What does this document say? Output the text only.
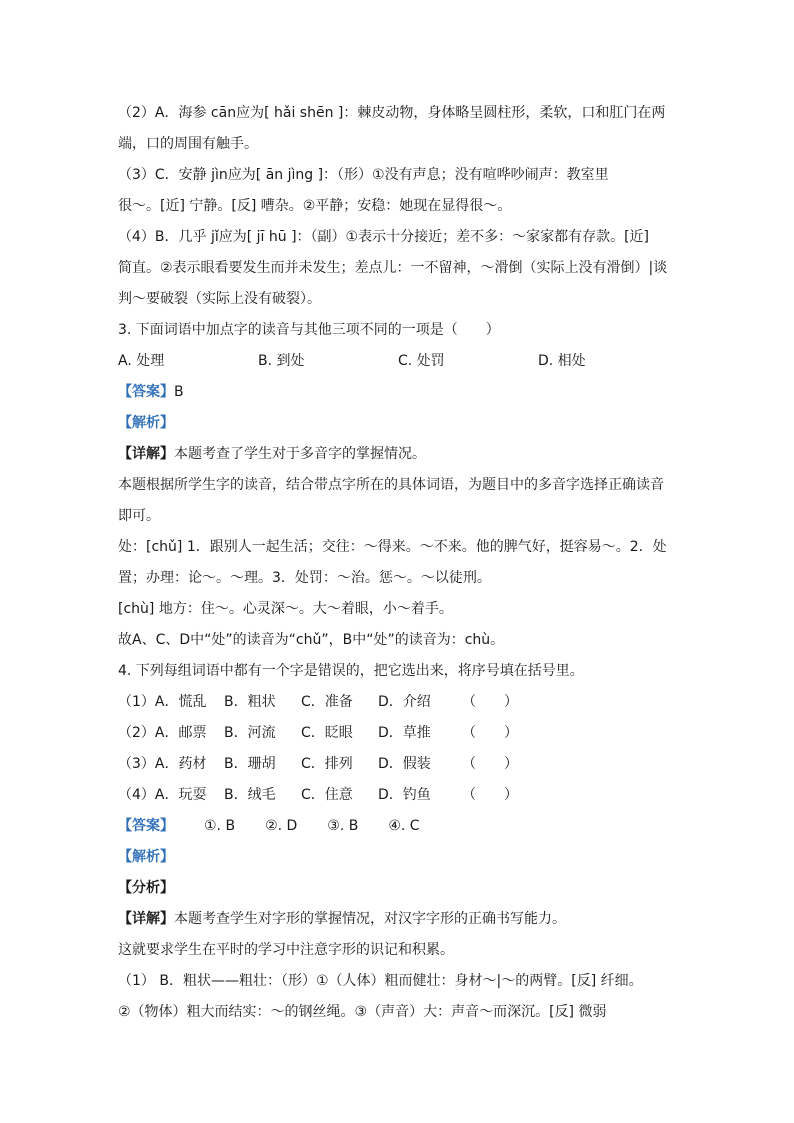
（2）A．海参 cān应为[ hǎi shēn ]：棘皮动物，身体略呈圆柱形，柔软，口和肛门在两
端，口的周围有触手。
（3）C．安静 jìn应为[ ān jìng ]：（形）①没有声息；没有喧哗吵闹声：教室里
很～。[近] 宁静。[反] 嘈杂。②平静；安稳：她现在显得很～。
（4）B．几乎 jǐ应为[ jī hū ]：（副）①表示十分接近；差不多：～家家都有存款。[近]
简直。②表示眼看要发生而并未发生；差点儿：一不留神，～滑倒（实际上没有滑倒）|谈
判～要破裂（实际上没有破裂）。
3. 下面词语中加点字的读音与其他三项不同的一项是（　　）
A. 处理	B. 到处	C. 处罚	D. 相处
【答案】B
【解析】
【详解】本题考查了学生对于多音字的掌握情况。
本题根据所学生字的读音，结合带点字所在的具体词语，为题目中的多音字选择正确读音
即可。
处：[chǔ] 1．跟别人一起生活；交往：～得来。～不来。他的脾气好，挺容易～。2．处
置；办理：论～。～理。3．处罚：～治。惩～。～以徒刑。
[chù] 地方：住～。心灵深～。大～着眼，小～着手。
故A、C、D中“处”的读音为“chǔ”，B中“处”的读音为：chù。
4. 下列每组词语中都有一个字是错误的，把它选出来，将序号填在括号里。
（1）A．慌乱	B．粗状	C．准备	D．介绍	（　　）
（2）A．邮票	B．河流	C．眨眼	D．草推	（　　）
（3）A．药材	B．珊胡	C．排列	D．假装	（　　）
（4）A．玩耍	B．绒毛	C．住意	D．钓鱼	（　　）
【答案】 ①. B ②. D ③. B ④. C
【解析】
【分析】
【详解】本题考查学生对字形的掌握情况，对汉字字形的正确书写能力。
这就要求学生在平时的学习中注意字形的识记和积累。
（1） B．粗状——粗壮：（形）①（人体）粗而健壮：身材～|～的两臂。[反] 纤细。
②（物体）粗大而结实：～的钢丝绳。③（声音）大：声音～而深沉。[反] 微弱
